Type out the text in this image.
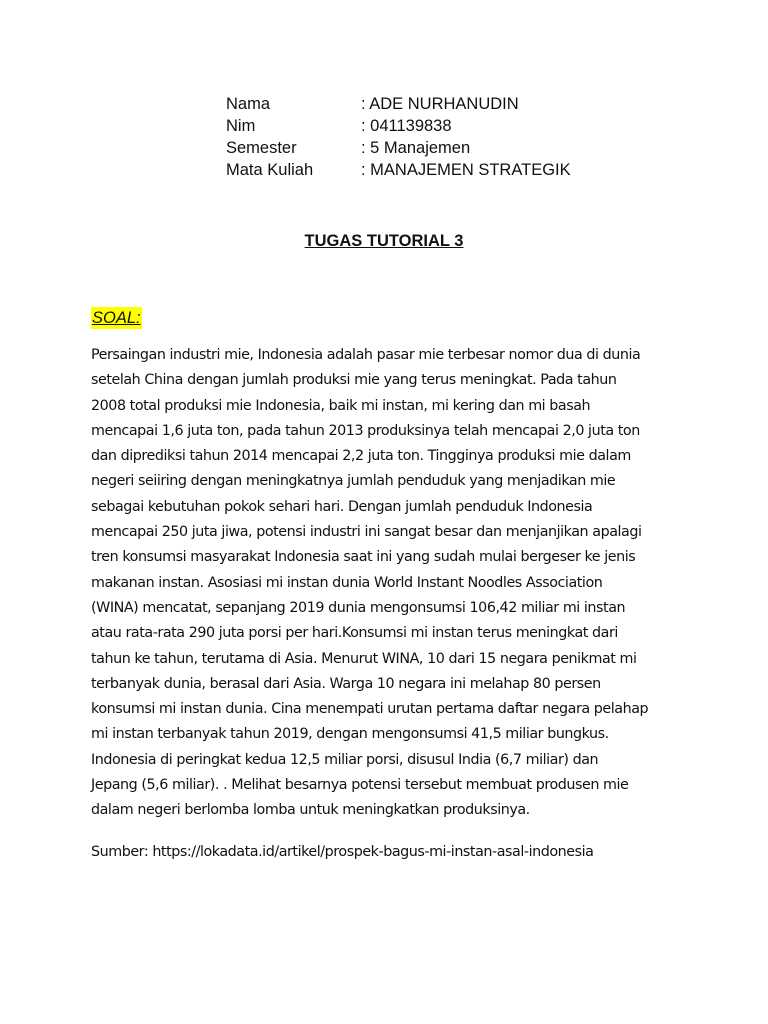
Nama	: ADE NURHANUDIN
Nim	: 041139838
Semester	: 5 Manajemen
Mata Kuliah	: MANAJEMEN STRATEGIK
TUGAS TUTORIAL 3
SOAL:

Persaingan industri mie, Indonesia adalah pasar mie terbesar nomor dua di dunia
setelah China dengan jumlah produksi mie yang terus meningkat. Pada tahun
2008 total produksi mie Indonesia, baik mi instan, mi kering dan mi basah
mencapai 1,6 juta ton, pada tahun 2013 produksinya telah mencapai 2,0 juta ton
dan diprediksi tahun 2014 mencapai 2,2 juta ton. Tingginya produksi mie dalam
negeri seiiring dengan meningkatnya jumlah penduduk yang menjadikan mie
sebagai kebutuhan pokok sehari hari. Dengan jumlah penduduk Indonesia
mencapai 250 juta jiwa, potensi industri ini sangat besar dan menjanjikan apalagi
tren konsumsi masyarakat Indonesia saat ini yang sudah mulai bergeser ke jenis
makanan instan. Asosiasi mi instan dunia World Instant Noodles Association
(WINA) mencatat, sepanjang 2019 dunia mengonsumsi 106,42 miliar mi instan
atau rata-rata 290 juta porsi per hari.Konsumsi mi instan terus meningkat dari
tahun ke tahun, terutama di Asia. Menurut WINA, 10 dari 15 negara penikmat mi
terbanyak dunia, berasal dari Asia. Warga 10 negara ini melahap 80 persen
konsumsi mi instan dunia. Cina menempati urutan pertama daftar negara pelahap
mi instan terbanyak tahun 2019, dengan mengonsumsi 41,5 miliar bungkus.
Indonesia di peringkat kedua 12,5 miliar porsi, disusul India (6,7 miliar) dan
Jepang (5,6 miliar). . Melihat besarnya potensi tersebut membuat produsen mie
dalam negeri berlomba lomba untuk meningkatkan produksinya.

Sumber: https://lokadata.id/artikel/prospek-bagus-mi-instan-asal-indonesia
